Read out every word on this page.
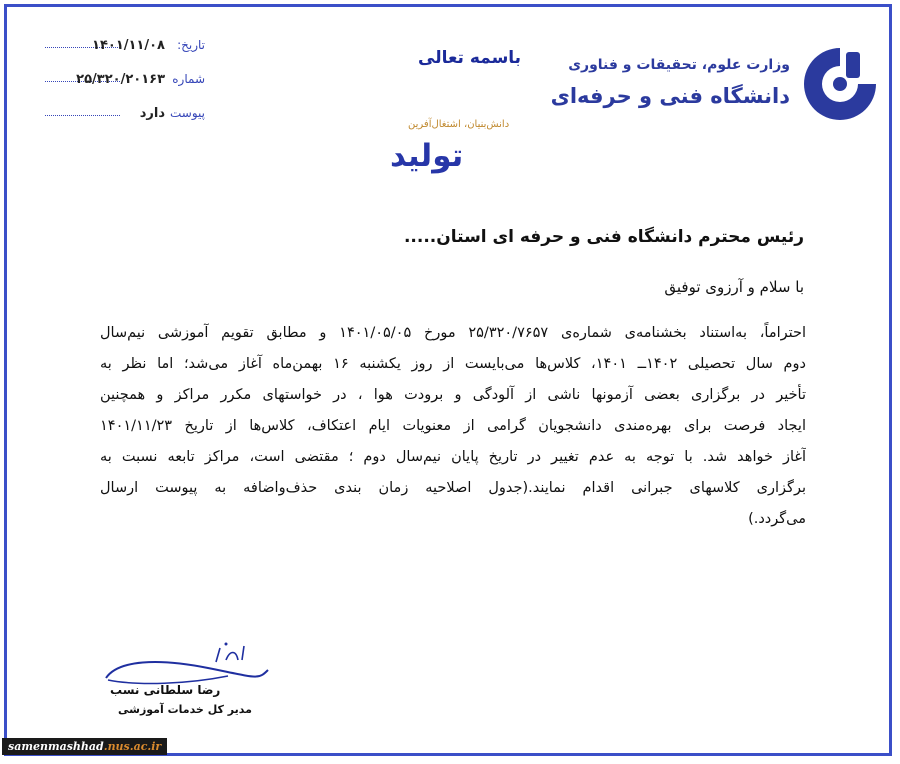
۱۴۰۱/۱۱/۰۸ تاریخ:
۲۵/۳۲۰/۲۰۱۶۳ شماره
دارد پیوست
باسمه تعالی
دانش‌بنیان، اشتغال‌آفرین
تولید
وزارت علوم، تحقیقات و فناوری
دانشگاه فنی و حرفه‌ای
رئیس محترم دانشگاه فنی و حرفه ای استان.....
با سلام و آرزوی توفیق
احتراماً، به‌استناد بخشنامه‌ی شماره‌ی ۲۵/۳۲۰/۷۶۵۷ مورخ ۱۴۰۱/۰۵/۰۵ و مطابق تقویم آموزشی نیم‌سال
دوم سال تحصیلی ۱۴۰۲ــ ۱۴۰۱، کلاس‌ها می‌بایست از روز یکشنبه ۱۶ بهمن‌ماه آغاز می‌شد؛ اما نظر به
تأخیر در برگزاری بعضی آزمونها ناشی از آلودگی و برودت هوا ، در خواستهای مکرر مراکز و همچنین
ایجاد فرصت برای بهره‌مندی دانشجویان گرامی از معنویات ایام اعتکاف، کلاس‌ها از تاریخ ۱۴۰۱/۱۱/۲۳
آغاز خواهد شد. با توجه به عدم تغییر در تاریخ پایان نیم‌سال دوم ؛ مقتضی است، مراکز تابعه نسبت به
برگزاری کلاسهای جبرانی اقدام نمایند.(جدول اصلاحیه زمان بندی حذف‌واضافه به پیوست ارسال
می‌گردد.)
رضا سلطانی نسب
مدیر کل خدمات آموزشی
samenmashhad.nus.ac.ir
